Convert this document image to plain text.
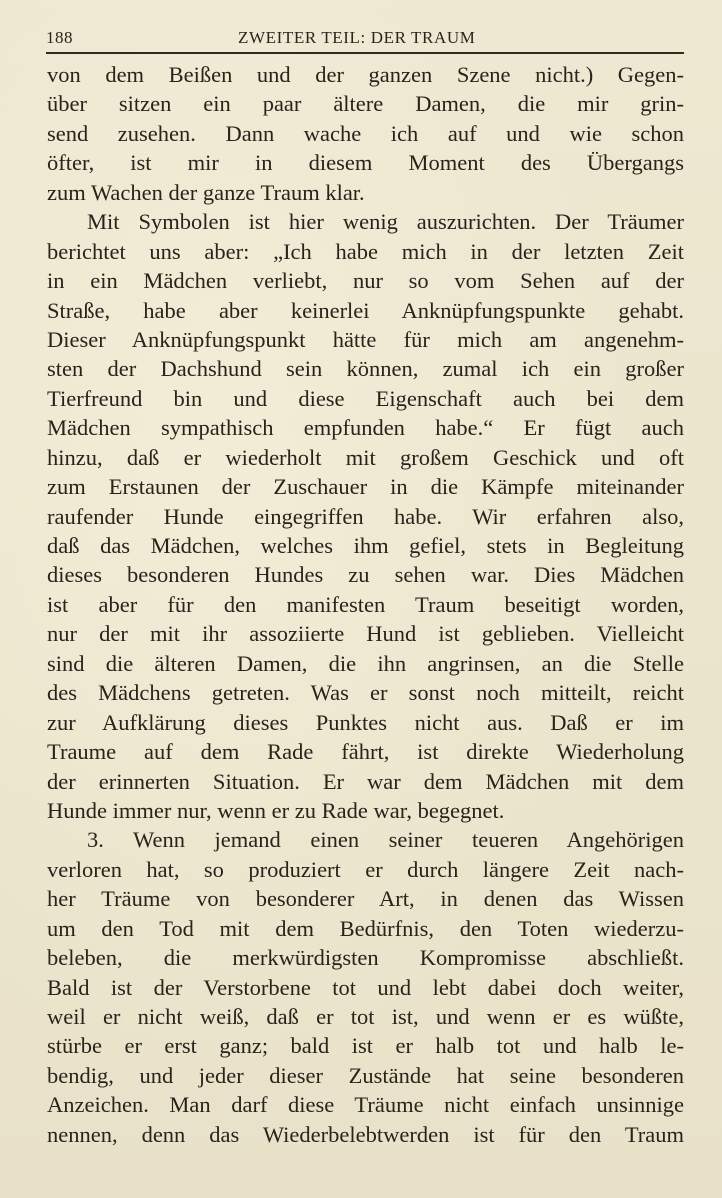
188	ZWEITER TEIL: DER TRAUM
von dem Beißen und der ganzen Szene nicht.) Gegen-
über sitzen ein paar ältere Damen, die mir grin-
send zusehen. Dann wache ich auf und wie schon
öfter, ist mir in diesem Moment des Übergangs
zum Wachen der ganze Traum klar.
Mit Symbolen ist hier wenig auszurichten. Der Träumer
berichtet uns aber: „Ich habe mich in der letzten Zeit
in ein Mädchen verliebt, nur so vom Sehen auf der
Straße, habe aber keinerlei Anknüpfungspunkte gehabt.
Dieser Anknüpfungspunkt hätte für mich am angenehm-
sten der Dachshund sein können, zumal ich ein großer
Tierfreund bin und diese Eigenschaft auch bei dem
Mädchen sympathisch empfunden habe.“ Er fügt auch
hinzu, daß er wiederholt mit großem Geschick und oft
zum Erstaunen der Zuschauer in die Kämpfe miteinander
raufender Hunde eingegriffen habe. Wir erfahren also,
daß das Mädchen, welches ihm gefiel, stets in Begleitung
dieses besonderen Hundes zu sehen war. Dies Mädchen
ist aber für den manifesten Traum beseitigt worden,
nur der mit ihr assoziierte Hund ist geblieben. Vielleicht
sind die älteren Damen, die ihn angrinsen, an die Stelle
des Mädchens getreten. Was er sonst noch mitteilt, reicht
zur Aufklärung dieses Punktes nicht aus. Daß er im
Traume auf dem Rade fährt, ist direkte Wiederholung
der erinnerten Situation. Er war dem Mädchen mit dem
Hunde immer nur, wenn er zu Rade war, begegnet.
3. Wenn jemand einen seiner teueren Angehörigen
verloren hat, so produziert er durch längere Zeit nach-
her Träume von besonderer Art, in denen das Wissen
um den Tod mit dem Bedürfnis, den Toten wiederzu-
beleben, die merkwürdigsten Kompromisse abschließt.
Bald ist der Verstorbene tot und lebt dabei doch weiter,
weil er nicht weiß, daß er tot ist, und wenn er es wüßte,
stürbe er erst ganz; bald ist er halb tot und halb le-
bendig, und jeder dieser Zustände hat seine besonderen
Anzeichen. Man darf diese Träume nicht einfach unsinnige
nennen, denn das Wiederbelebtwerden ist für den Traum
